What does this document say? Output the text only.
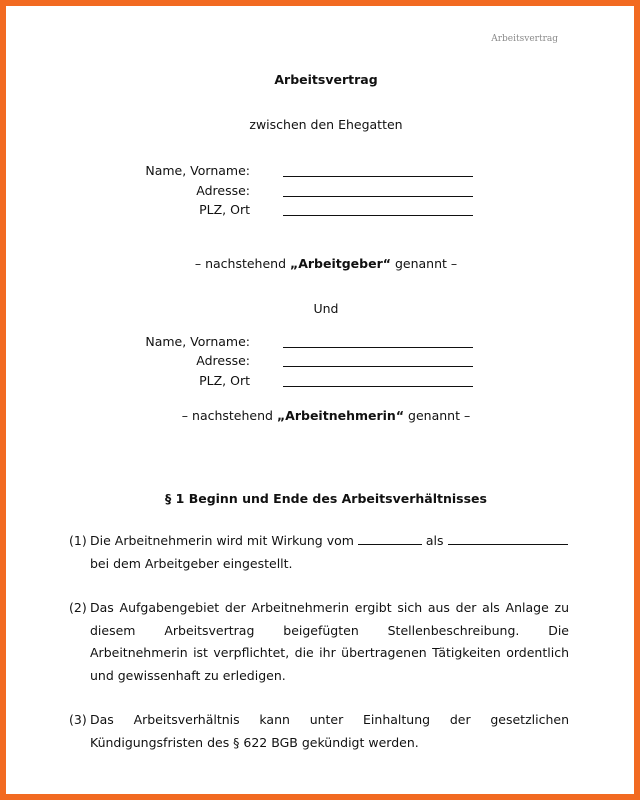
Arbeitsvertrag
Arbeitsvertrag
zwischen den Ehegatten
Name, Vorname:
Adresse:
PLZ, Ort
– nachstehend „Arbeitgeber“ genannt –
Und
Name, Vorname:
Adresse:
PLZ, Ort
– nachstehend „Arbeitnehmerin“ genannt –
§ 1 Beginn und Ende des Arbeitsverhältnisses
(1) Die Arbeitnehmerin wird mit Wirkung vom	als
bei dem Arbeitgeber eingestellt.
(2) Das Aufgabengebiet der Arbeitnehmerin ergibt sich aus der als Anlage zu diesem Arbeitsvertrag beigefügten Stellenbeschreibung. Die Arbeitnehmerin ist verpflichtet, die ihr übertragenen Tätigkeiten ordentlich und gewissenhaft zu erledigen.
(3) Das Arbeitsverhältnis kann unter Einhaltung der gesetzlichen Kündigungsfristen des § 622 BGB gekündigt werden.
